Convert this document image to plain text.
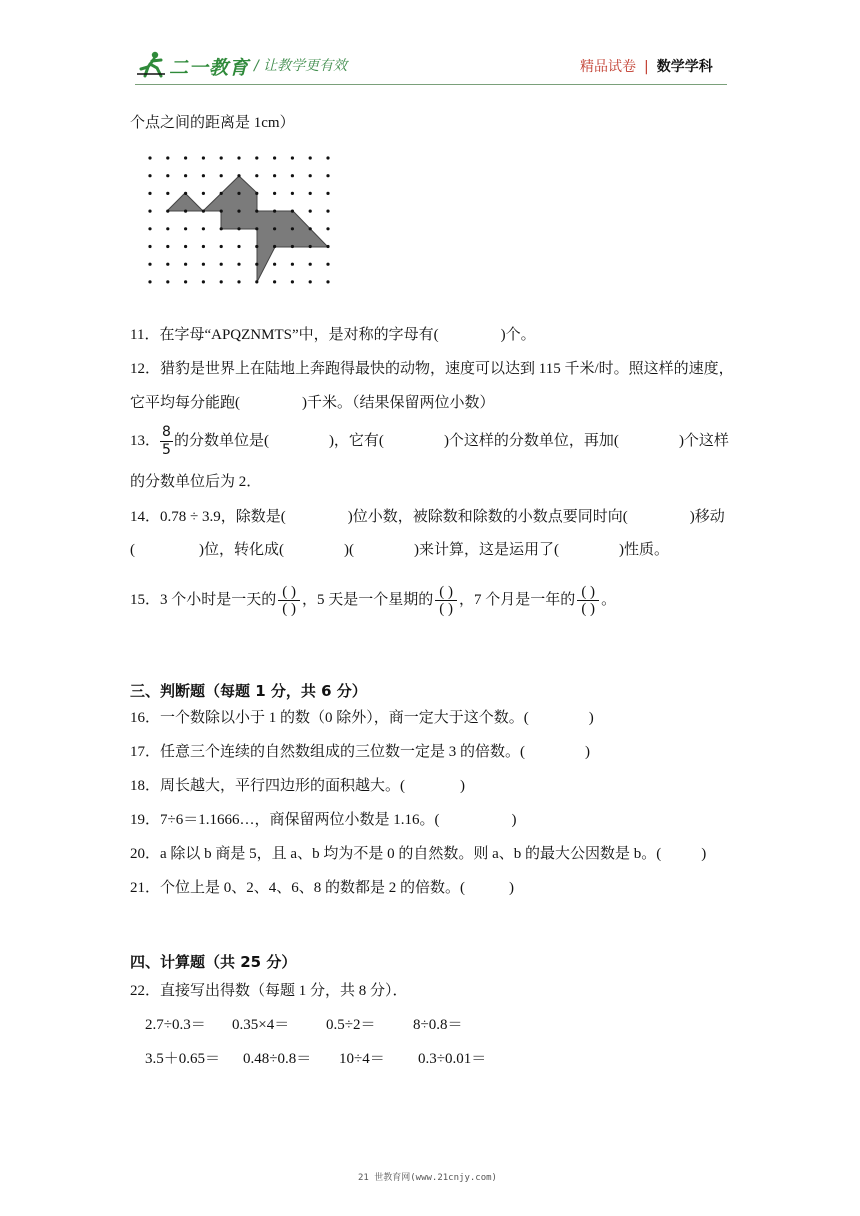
二一教育 / 让教学更有效	精品试卷 | 数学学科
个点之间的距离是 1cm）
11．在字母“APQZNMTS”中，是对称的字母有(	)个。
12．猎豹是世界上在陆地上奔跑得最快的动物，速度可以达到 115 千米/时。照这样的速度，
它平均每分能跑(	)千米。（结果保留两位小数）
13． $\frac{8}{5}$ 的分数单位是(	)，它有(	)个这样的分数单位，再加(	)个这样
的分数单位后为 2．
14．0.78 ÷ 3.9，除数是(	)位小数，被除数和除数的小数点要同时向(	)移动
(	)位，转化成(	)(	)来计算，这是运用了(	)性质。
15．3 个小时是一天的 $\frac{( )}{( )}$ ，5 天是一个星期的 $\frac{( )}{( )}$ ，7 个月是一年的 $\frac{( )}{( )}$ 。
三、判断题（每题 1 分，共 6 分）
16．一个数除以小于 1 的数（0 除外），商一定大于这个数。(	)
17．任意三个连续的自然数组成的三位数一定是 3 的倍数。(	)
18．周长越大，平行四边形的面积越大。(	)
19．7÷6＝1.1666…，商保留两位小数是 1.16。(	)
20．a 除以 b 商是 5，且 a、b 均为不是 0 的自然数。则 a、b 的最大公因数是 b。(	)
21．个位上是 0、2、4、6、8 的数都是 2 的倍数。(	)
四、计算题（共 25 分）
22．直接写出得数（每题 1 分，共 8 分）．
2.7÷0.3＝ 0.35×4＝ 0.5÷2＝	8÷0.8＝
3.5＋0.65＝ 0.48÷0.8＝ 10÷4＝ 0.3÷0.01＝
21 世教育网(www.21cnjy.com)
